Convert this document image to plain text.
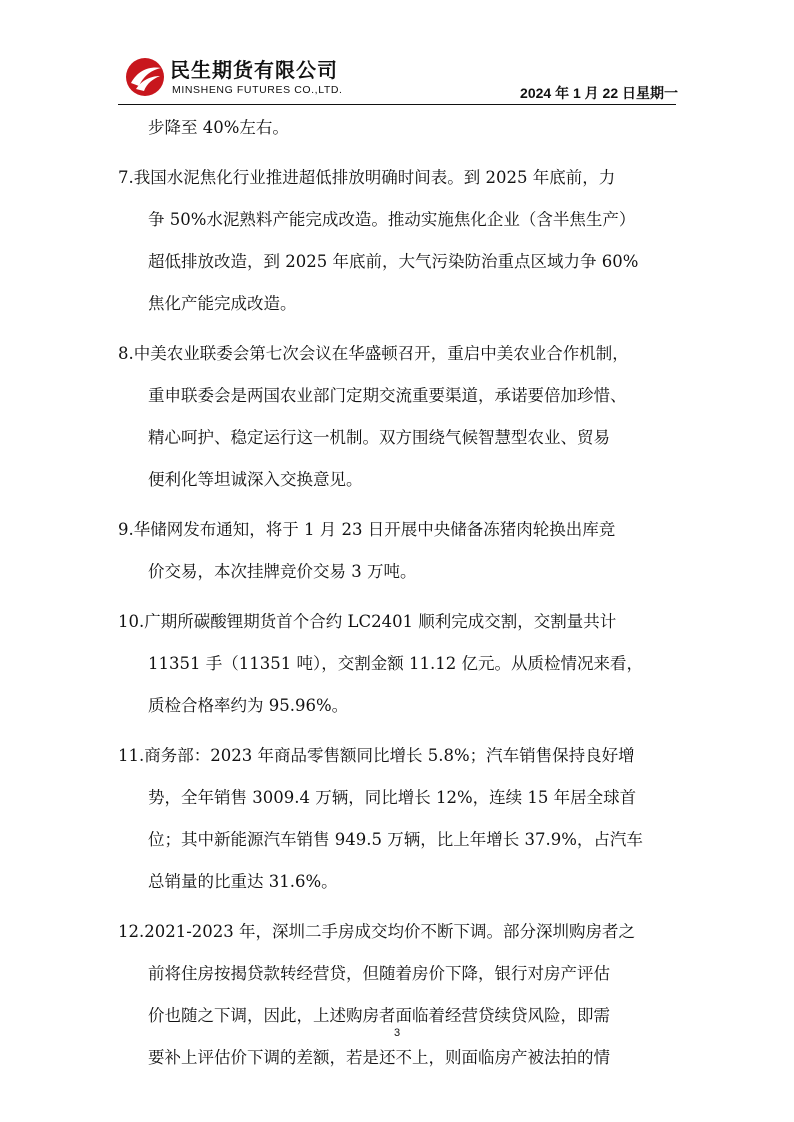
民生期货有限公司
MINSHENG FUTURES CO.,LTD.	2024 年 1 月 22 日星期一
步降至 40%左右。
7.我国水泥焦化行业推进超低排放明确时间表。到 2025 年底前，力
争 50%水泥熟料产能完成改造。推动实施焦化企业（含半焦生产）
超低排放改造，到 2025 年底前，大气污染防治重点区域力争 60%
焦化产能完成改造。
8.中美农业联委会第七次会议在华盛顿召开，重启中美农业合作机制，
重申联委会是两国农业部门定期交流重要渠道，承诺要倍加珍惜、
精心呵护、稳定运行这一机制。双方围绕气候智慧型农业、贸易
便利化等坦诚深入交换意见。
9.华储网发布通知，将于 1 月 23 日开展中央储备冻猪肉轮换出库竞
价交易，本次挂牌竞价交易 3 万吨。
10.广期所碳酸锂期货首个合约 LC2401 顺利完成交割，交割量共计
11351 手（11351 吨），交割金额 11.12 亿元。从质检情况来看，
质检合格率约为 95.96%。
11.商务部：2023 年商品零售额同比增长 5.8%；汽车销售保持良好增
势，全年销售 3009.4 万辆，同比增长 12%，连续 15 年居全球首
位；其中新能源汽车销售 949.5 万辆，比上年增长 37.9%，占汽车
总销量的比重达 31.6%。
12.2021-2023 年，深圳二手房成交均价不断下调。部分深圳购房者之
前将住房按揭贷款转经营贷，但随着房价下降，银行对房产评估
价也随之下调，因此，上述购房者面临着经营贷续贷风险，即需
要补上评估价下调的差额，若是还不上，则面临房产被法拍的情
3
